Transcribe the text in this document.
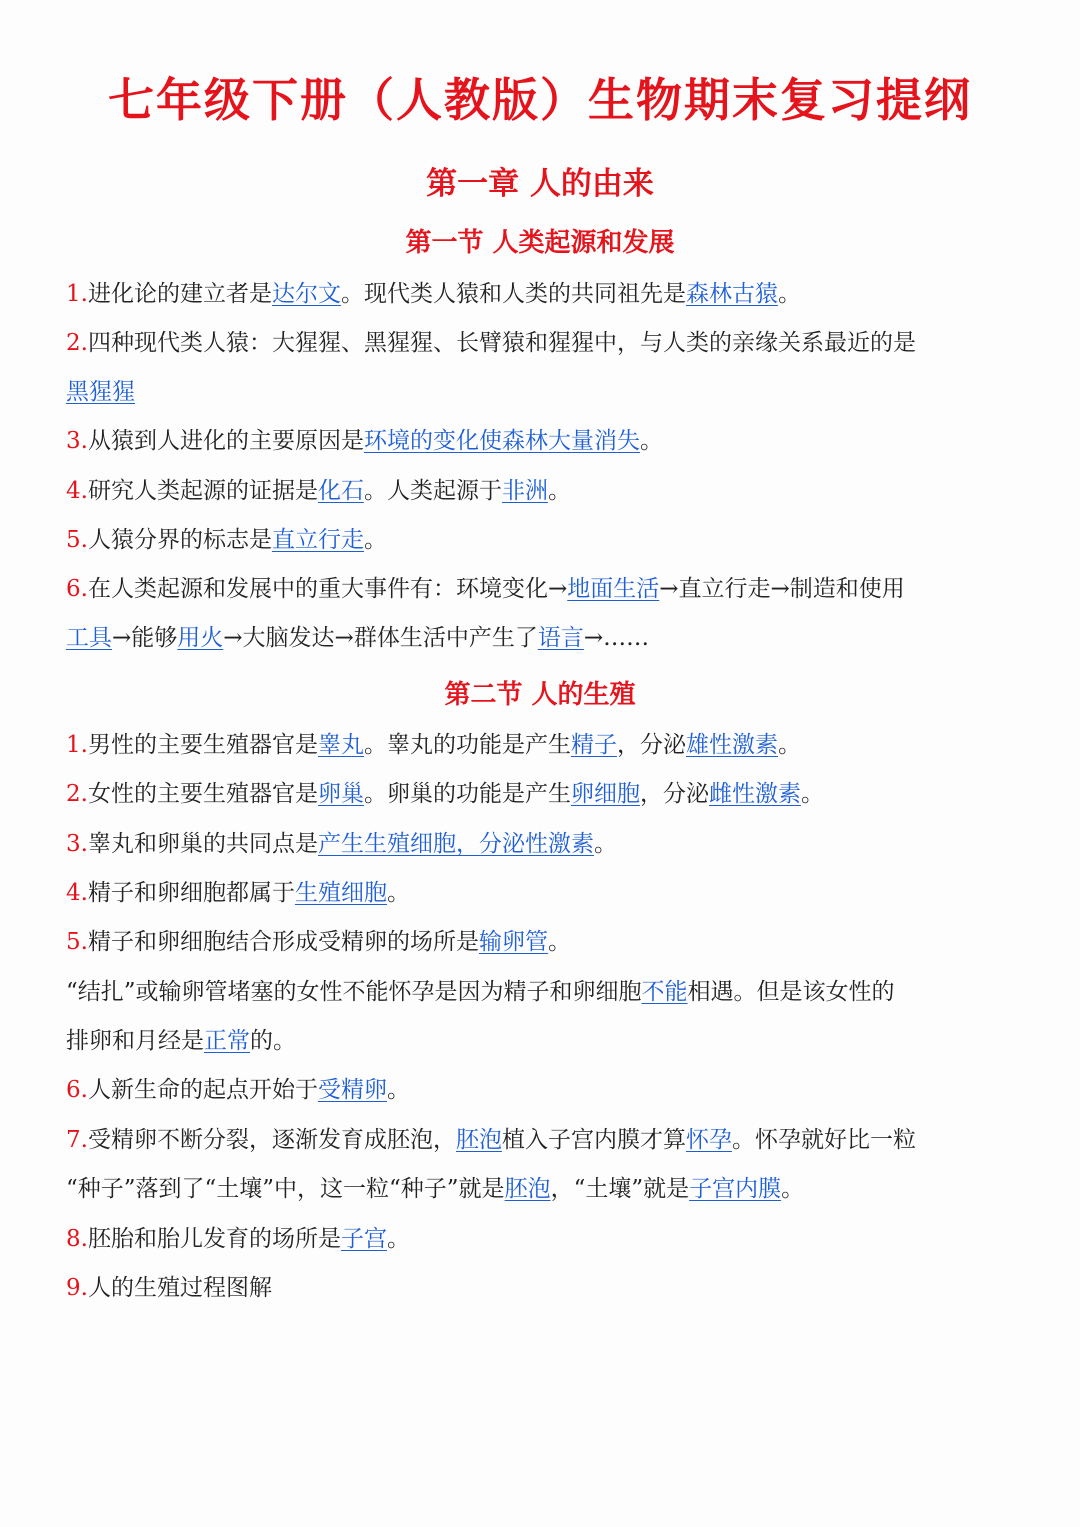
七年级下册（人教版）生物期末复习提纲
第一章 人的由来
第一节 人类起源和发展

1.进化论的建立者是达尔文。现代类人猿和人类的共同祖先是森林古猿。

2.四种现代类人猿：大猩猩、黑猩猩、长臂猿和猩猩中，与人类的亲缘关系最近的是

黑猩猩

3.从猿到人进化的主要原因是环境的变化使森林大量消失。

4.研究人类起源的证据是化石。人类起源于非洲。

5.人猿分界的标志是直立行走。

6.在人类起源和发展中的重大事件有：环境变化→地面生活→直立行走→制造和使用

工具→能够用火→大脑发达→群体生活中产生了语言→……

第二节 人的生殖

1.男性的主要生殖器官是睾丸。睾丸的功能是产生精子，分泌雄性激素。

2.女性的主要生殖器官是卵巢。卵巢的功能是产生卵细胞，分泌雌性激素。

3.睾丸和卵巢的共同点是产生生殖细胞，分泌性激素。

4.精子和卵细胞都属于生殖细胞。

5.精子和卵细胞结合形成受精卵的场所是输卵管。

“结扎”或输卵管堵塞的女性不能怀孕是因为精子和卵细胞不能相遇。但是该女性的

排卵和月经是正常的。

6.人新生命的起点开始于受精卵。

7.受精卵不断分裂，逐渐发育成胚泡，胚泡植入子宫内膜才算怀孕。怀孕就好比一粒

“种子”落到了“土壤”中，这一粒“种子”就是胚泡，“土壤”就是子宫内膜。

8.胚胎和胎儿发育的场所是子宫。

9.人的生殖过程图解
